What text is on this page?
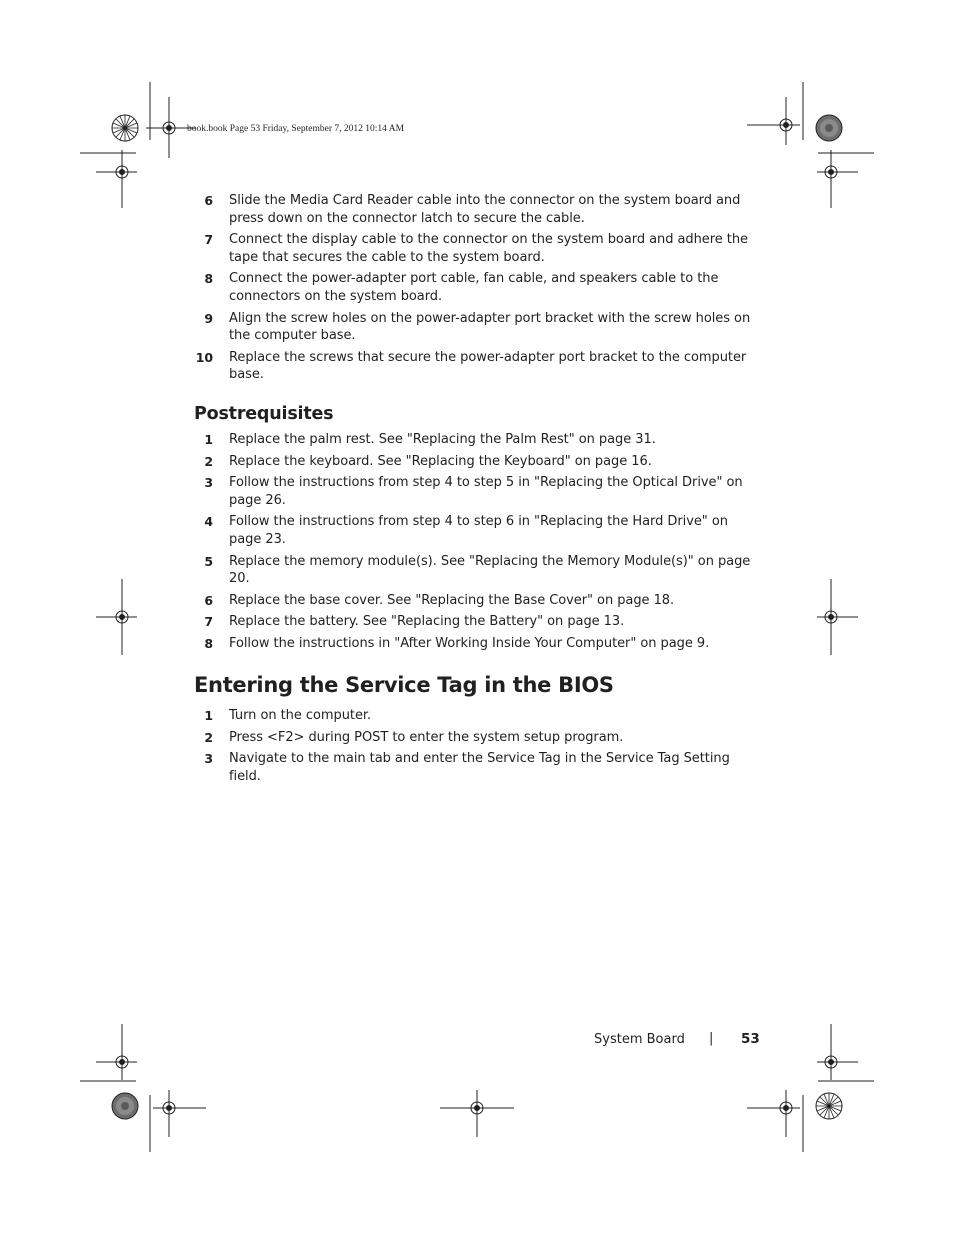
book.book Page 53 Friday, September 7, 2012 10:14 AM
6 Slide the Media Card Reader cable into the connector on the system board and press down on the connector latch to secure the cable.
7 Connect the display cable to the connector on the system board and adhere the tape that secures the cable to the system board.
8 Connect the power-adapter port cable, fan cable, and speakers cable to the connectors on the system board.
9 Align the screw holes on the power-adapter port bracket with the screw holes on the computer base.
10 Replace the screws that secure the power-adapter port bracket to the computer base.
Postrequisites
1 Replace the palm rest. See "Replacing the Palm Rest" on page 31.
2 Replace the keyboard. See "Replacing the Keyboard" on page 16.
3 Follow the instructions from step 4 to step 5 in "Replacing the Optical Drive" on page 26.
4 Follow the instructions from step 4 to step 6 in "Replacing the Hard Drive" on page 23.
5 Replace the memory module(s). See "Replacing the Memory Module(s)" on page 20.
6 Replace the base cover. See "Replacing the Base Cover" on page 18.
7 Replace the battery. See "Replacing the Battery" on page 13.
8 Follow the instructions in "After Working Inside Your Computer" on page 9.
Entering the Service Tag in the BIOS
1 Turn on the computer.
2 Press <F2> during POST to enter the system setup program.
3 Navigate to the main tab and enter the Service Tag in the Service Tag Setting field.
System Board | 53
